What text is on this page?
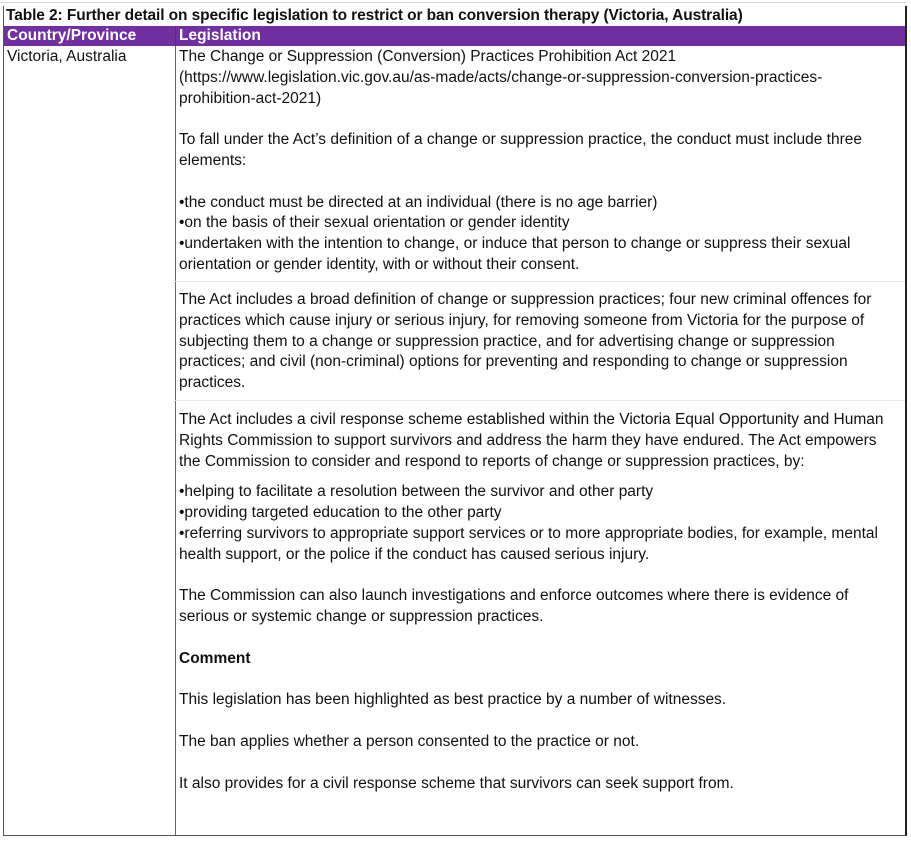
Table 2: Further detail on specific legislation to restrict or ban conversion therapy (Victoria, Australia)
Country/Province	Legislation
Victoria, Australia	The Change or Suppression (Conversion) Practices Prohibition Act 2021

(https://www.legislation.vic.gov.au/as-made/acts/change-or-suppression-conversion-practices-

prohibition-act-2021)

To fall under the Act’s definition of a change or suppression practice, the conduct must include three elements:

•the conduct must be directed at an individual (there is no age barrier)

•on the basis of their sexual orientation or gender identity

•undertaken with the intention to change, or induce that person to change or suppress their sexual orientation or gender identity, with or without their consent.

The Act includes a broad definition of change or suppression practices; four new criminal offences for practices which cause injury or serious injury, for removing someone from Victoria for the purpose of subjecting them to a change or suppression practice, and for advertising change or suppression practices; and civil (non-criminal) options for preventing and responding to change or suppression practices.

The Act includes a civil response scheme established within the Victoria Equal Opportunity and Human Rights Commission to support survivors and address the harm they have endured. The Act empowers the Commission to consider and respond to reports of change or suppression practices, by:

•helping to facilitate a resolution between the survivor and other party

•providing targeted education to the other party

•referring survivors to appropriate support services or to more appropriate bodies, for example, mental health support, or the police if the conduct has caused serious injury.

The Commission can also launch investigations and enforce outcomes where there is evidence of serious or systemic change or suppression practices.

Comment

This legislation has been highlighted as best practice by a number of witnesses.

The ban applies whether a person consented to the practice or not.

It also provides for a civil response scheme that survivors can seek support from.
